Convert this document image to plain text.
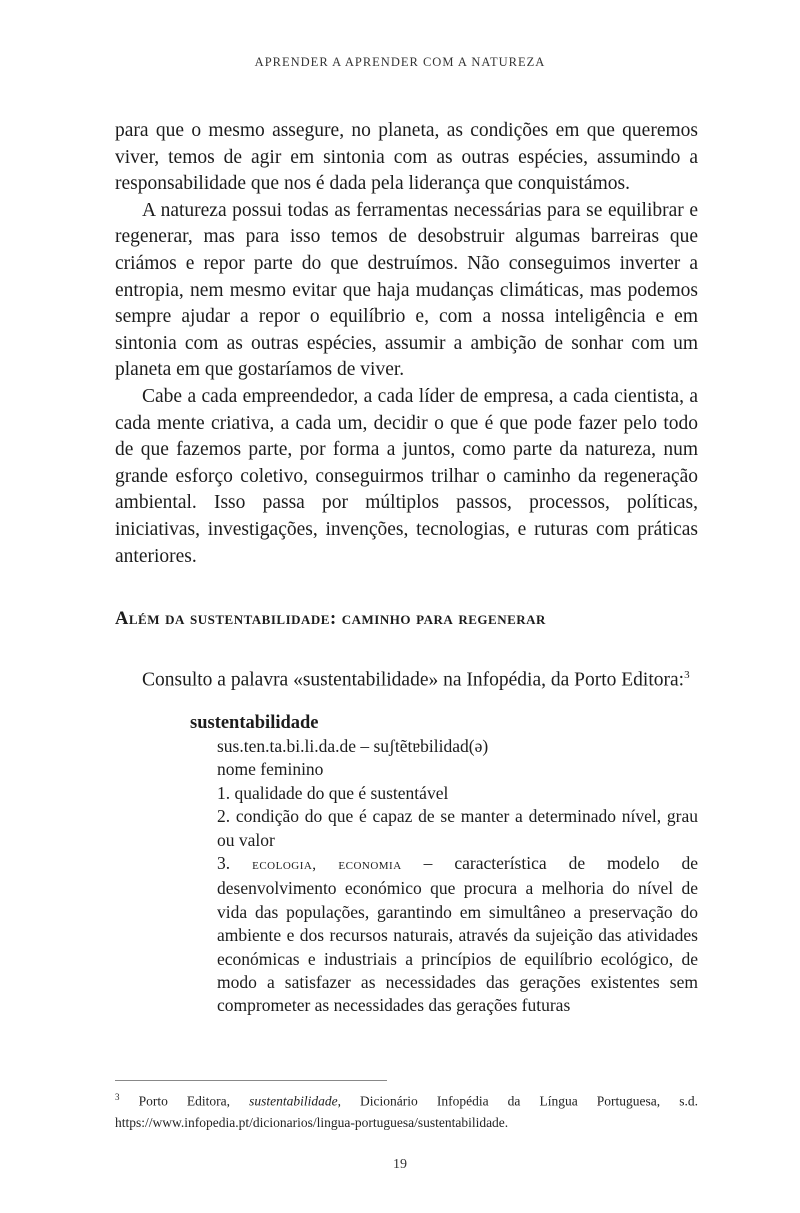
APRENDER A APRENDER COM A NATUREZA

para que o mesmo assegure, no planeta, as condições em que queremos viver, temos de agir em sintonia com as outras espécies, assumindo a responsabilidade que nos é dada pela liderança que conquistámos.

A natureza possui todas as ferramentas necessárias para se equilibrar e regenerar, mas para isso temos de desobstruir algumas barreiras que criámos e repor parte do que destruímos. Não conseguimos inverter a entropia, nem mesmo evitar que haja mudanças climáticas, mas podemos sempre ajudar a repor o equilíbrio e, com a nossa inteligência e em sintonia com as outras espécies, assumir a ambição de sonhar com um planeta em que gostaríamos de viver.

Cabe a cada empreendedor, a cada líder de empresa, a cada cientista, a cada mente criativa, a cada um, decidir o que é que pode fazer pelo todo de que fazemos parte, por forma a juntos, como parte da natureza, num grande esforço coletivo, conseguirmos trilhar o caminho da regeneração ambiental. Isso passa por múltiplos passos, processos, políticas, iniciativas, investigações, invenções, tecnologias, e ruturas com práticas anteriores.

Além da sustentabilidade: caminho para regenerar
Consulto a palavra «sustentabilidade» na Infopédia, da Porto Editora:$^3$
sustentabilidade
sus.ten.ta.bi.li.da.de – suʃtẽtɐbilidad(ə)
nome feminino
1. qualidade do que é sustentável
2. condição do que é capaz de se manter a determinado nível, grau ou valor
3. ecologia, economia – característica de modelo de desenvolvimento económico que procura a melhoria do nível de vida das populações, garantindo em simultâneo a preservação do ambiente e dos recursos naturais, através da sujeição das atividades económicas e industriais a princípios de equilíbrio ecológico, de modo a satisfazer as necessidades das gerações existentes sem comprometer as necessidades das gerações futuras
$^3$ Porto Editora, sustentabilidade, Dicionário Infopédia da Língua Portuguesa, s.d. https://www.infopedia.pt/dicionarios/lingua-portuguesa/sustentabilidade.
19
